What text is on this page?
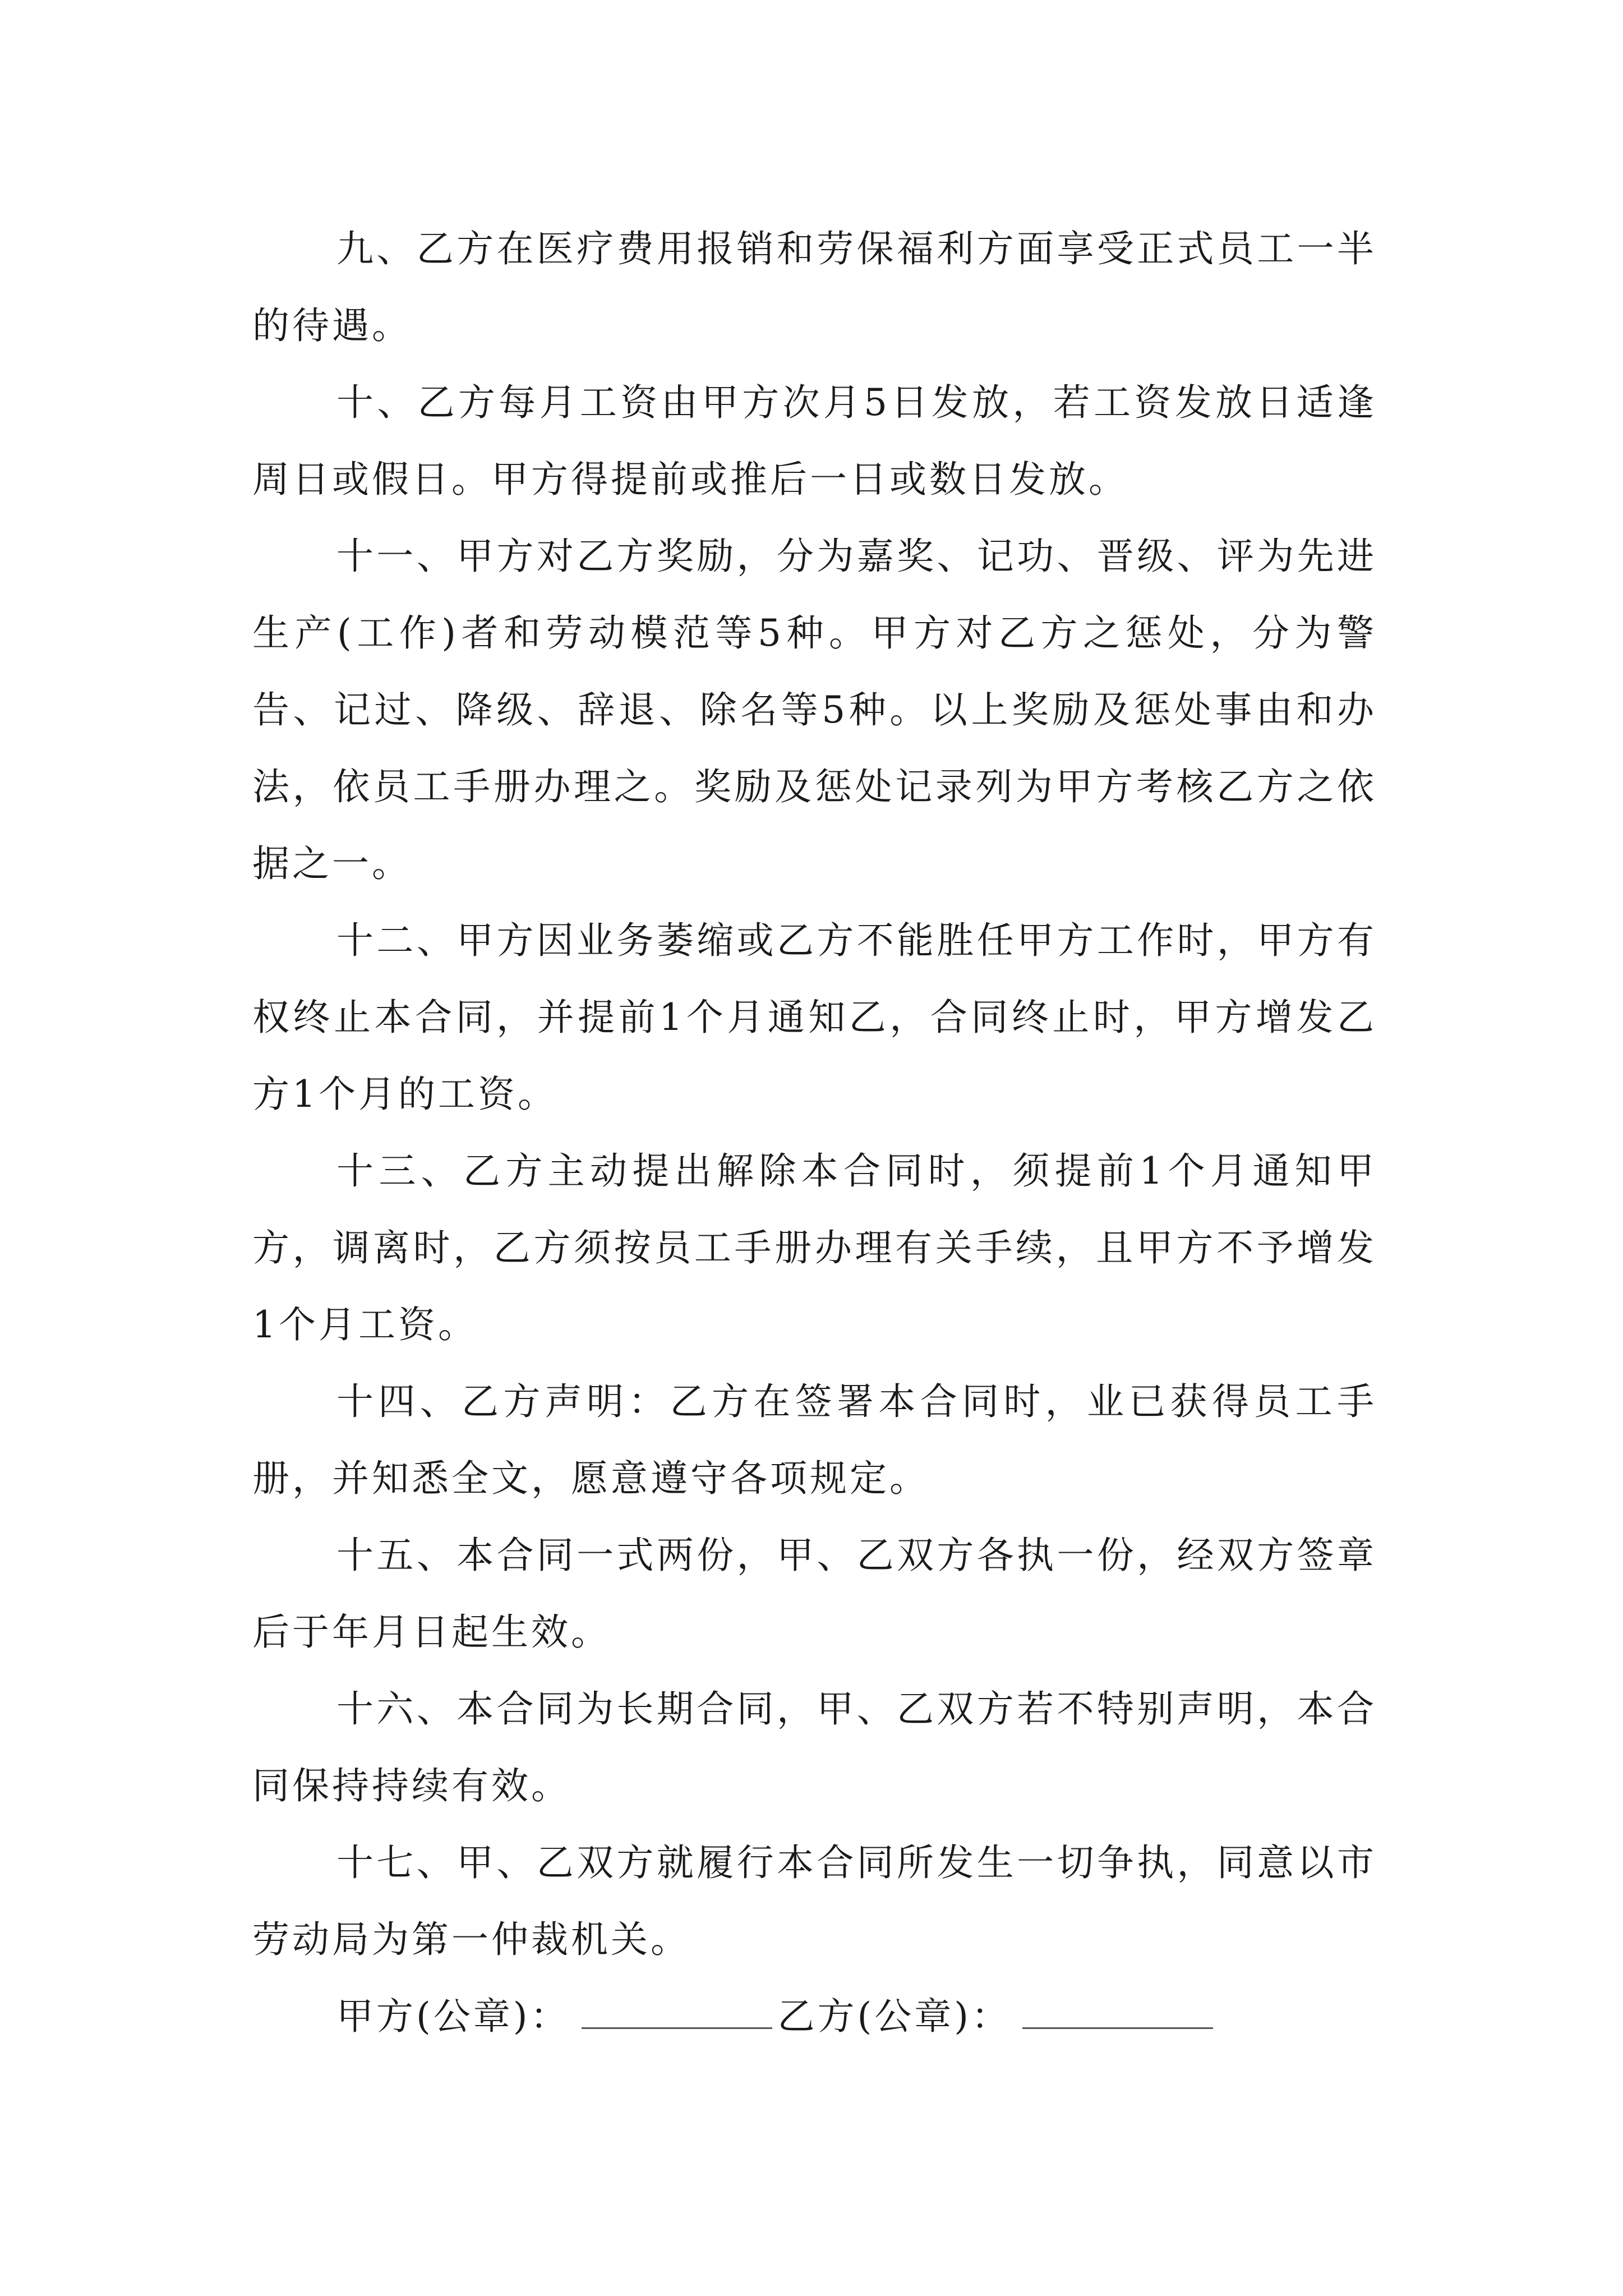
九、乙方在医疗费用报销和劳保福利方面享受正式员工一半的待遇。

十、乙方每月工资由甲方次月5日发放，若工资发放日适逢周日或假日。甲方得提前或推后一日或数日发放。

十一、甲方对乙方奖励，分为嘉奖、记功、晋级、评为先进生产(工作)者和劳动模范等5种。甲方对乙方之惩处，分为警告、记过、降级、辞退、除名等5种。以上奖励及惩处事由和办法，依员工手册办理之。奖励及惩处记录列为甲方考核乙方之依据之一。

十二、甲方因业务萎缩或乙方不能胜任甲方工作时，甲方有权终止本合同，并提前1个月通知乙，合同终止时，甲方增发乙方1个月的工资。

十三、乙方主动提出解除本合同时，须提前1个月通知甲方，调离时，乙方须按员工手册办理有关手续，且甲方不予增发1个月工资。

十四、乙方声明：乙方在签署本合同时，业已获得员工手册，并知悉全文，愿意遵守各项规定。

十五、本合同一式两份，甲、乙双方各执一份，经双方签章后于年月日起生效。

十六、本合同为长期合同，甲、乙双方若不特别声明，本合同保持持续有效。

十七、甲、乙双方就履行本合同所发生一切争执，同意以市劳动局为第一仲裁机关。

甲方(公章)：	乙方(公章)：
